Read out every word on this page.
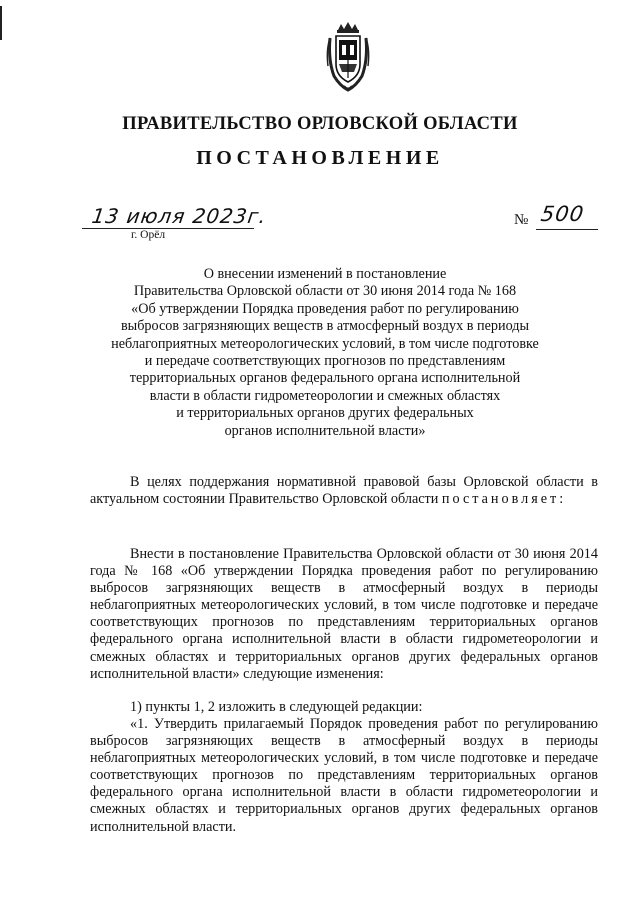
ПРАВИТЕЛЬСТВО ОРЛОВСКОЙ ОБЛАСТИ
ПОСТАНОВЛЕНИЕ
13 июля 2023г.
г. Орёл
№ 500
О внесении изменений в постановление
Правительства Орловской области от 30 июня 2014 года № 168
«Об утверждении Порядка проведения работ по регулированию
выбросов загрязняющих веществ в атмосферный воздух в периоды
неблагоприятных метеорологических условий, в том числе подготовке
и передаче соответствующих прогнозов по представлениям
территориальных органов федерального органа исполнительной
власти в области гидрометеорологии и смежных областях
и территориальных органов других федеральных
органов исполнительной власти»

В целях поддержания нормативной правовой базы Орловской области в актуальном состоянии Правительство Орловской области постановляет:

Внести в постановление Правительства Орловской области от 30 июня 2014 года № 168 «Об утверждении Порядка проведения работ по регулированию выбросов загрязняющих веществ в атмосферный воздух в периоды неблагоприятных метеорологических условий, в том числе подготовке и передаче соответствующих прогнозов по представлениям территориальных органов федерального органа исполнительной власти в области гидрометеорологии и смежных областях и территориальных органов других федеральных органов исполнительной власти» следующие изменения:

1) пункты 1, 2 изложить в следующей редакции:

«1. Утвердить прилагаемый Порядок проведения работ по регулированию выбросов загрязняющих веществ в атмосферный воздух в периоды неблагоприятных метеорологических условий, в том числе подготовке и передаче соответствующих прогнозов по представлениям территориальных органов федерального органа исполнительной власти в области гидрометеорологии и смежных областях и территориальных органов других федеральных органов исполнительной власти.
